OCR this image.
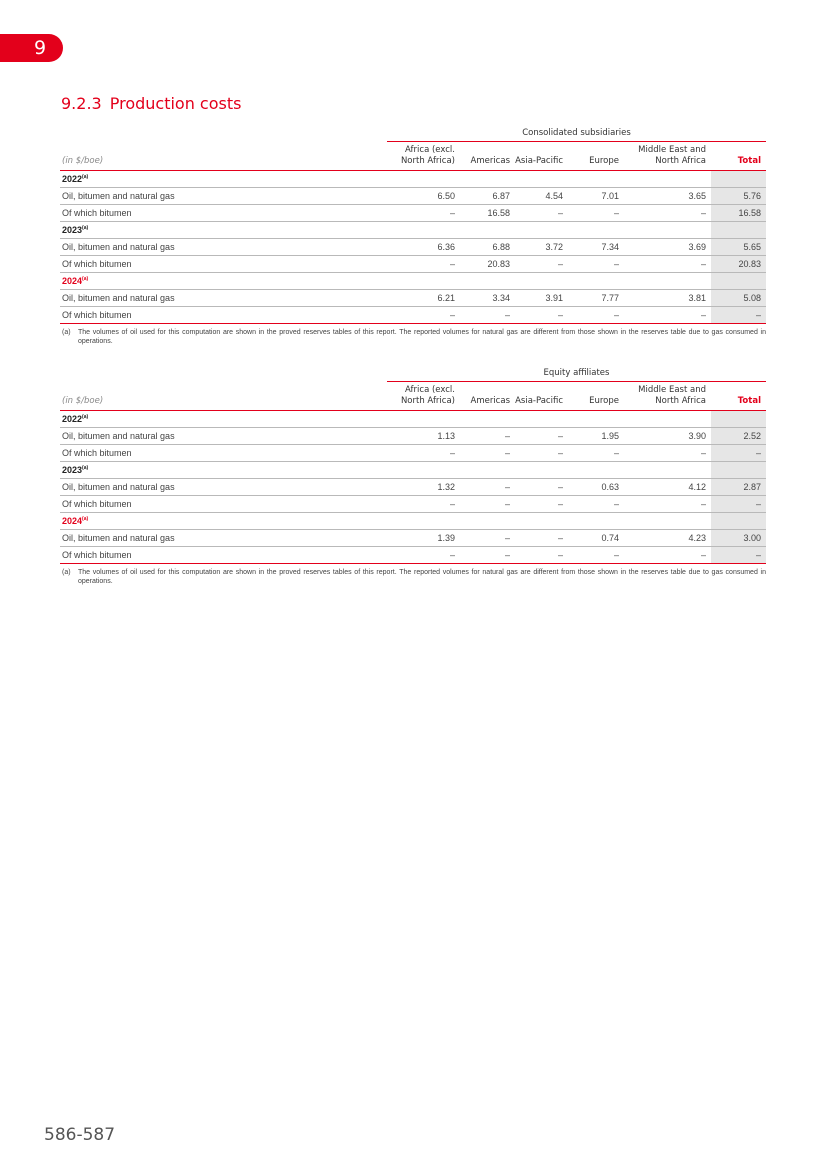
9
9.2.3 Production costs
Consolidated subsidiaries
(in $/boe)	Africa (excl. North Africa)	Americas	Asia-Pacific	Europe	Middle East and North Africa	Total
2022$^{(a)}$						
Oil, bitumen and natural gas	6.50	6.87	4.54	7.01	3.65	5.76
Of which bitumen	–	16.58	–	–	–	16.58
2023$^{(a)}$						
Oil, bitumen and natural gas	6.36	6.88	3.72	7.34	3.69	5.65
Of which bitumen	–	20.83	–	–	–	20.83
2024$^{(a)}$						
Oil, bitumen and natural gas	6.21	3.34	3.91	7.77	3.81	5.08
Of which bitumen	–	–	–	–	–	–
(a)	The volumes of oil used for this computation are shown in the proved reserves tables of this report. The reported volumes for natural gas are different from those shown in the reserves table due to gas consumed in operations.
Equity affiliates
(in $/boe)	Africa (excl. North Africa)	Americas	Asia-Pacific	Europe	Middle East and North Africa	Total
2022$^{(a)}$						
Oil, bitumen and natural gas	1.13	–	–	1.95	3.90	2.52
Of which bitumen	–	–	–	–	–	–
2023$^{(a)}$						
Oil, bitumen and natural gas	1.32	–	–	0.63	4.12	2.87
Of which bitumen	–	–	–	–	–	–
2024$^{(a)}$						
Oil, bitumen and natural gas	1.39	–	–	0.74	4.23	3.00
Of which bitumen	–	–	–	–	–	–
(a)	The volumes of oil used for this computation are shown in the proved reserves tables of this report. The reported volumes for natural gas are different from those shown in the reserves table due to gas consumed in operations.
586-587
